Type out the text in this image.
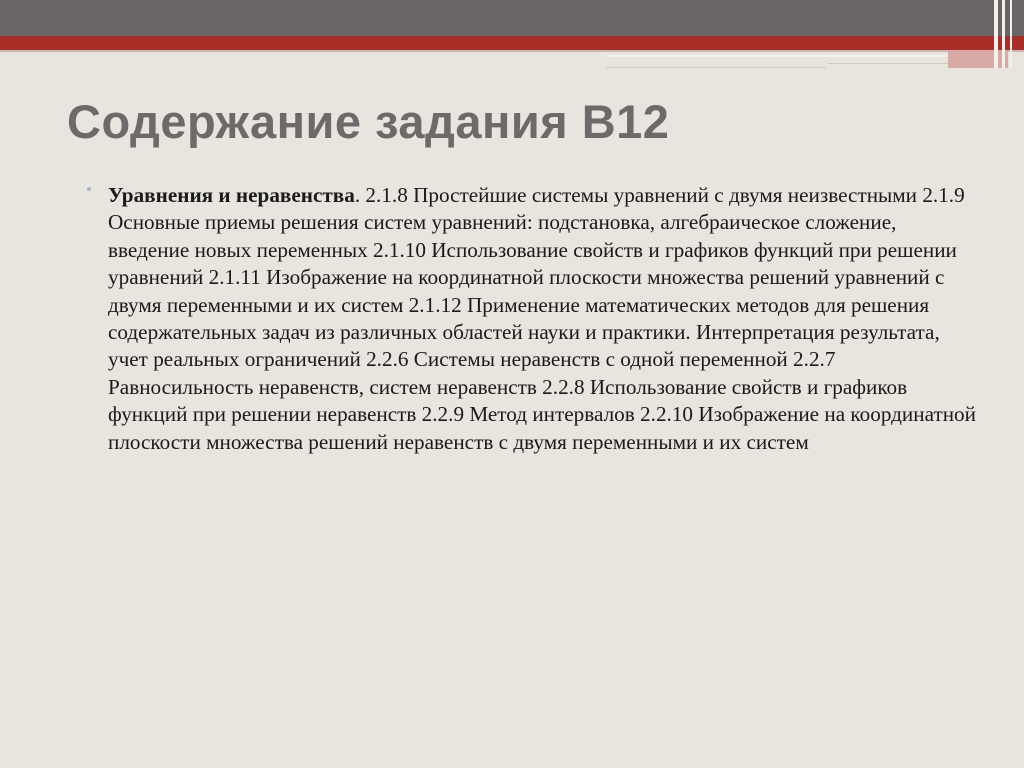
Содержание задания В12
• Уравнения и неравенства. 2.1.8 Простейшие системы уравнений с двумя неизвестными 2.1.9 Основные приемы решения систем уравнений: подстановка, алгебраическое сложение, введение новых переменных 2.1.10 Использование свойств и графиков функций при решении уравнений 2.1.11 Изображение на координатной плоскости множества решений уравнений с двумя переменными и их систем 2.1.12 Применение математических методов для решения содержательных задач из различных областей науки и практики. Интерпретация результата, учет реальных ограничений 2.2.6 Системы неравенств с одной переменной 2.2.7 Равносильность неравенств, систем неравенств 2.2.8 Использование свойств и графиков функций при решении неравенств 2.2.9 Метод интервалов 2.2.10 Изображение на координатной плоскости множества решений неравенств с двумя переменными и их систем
